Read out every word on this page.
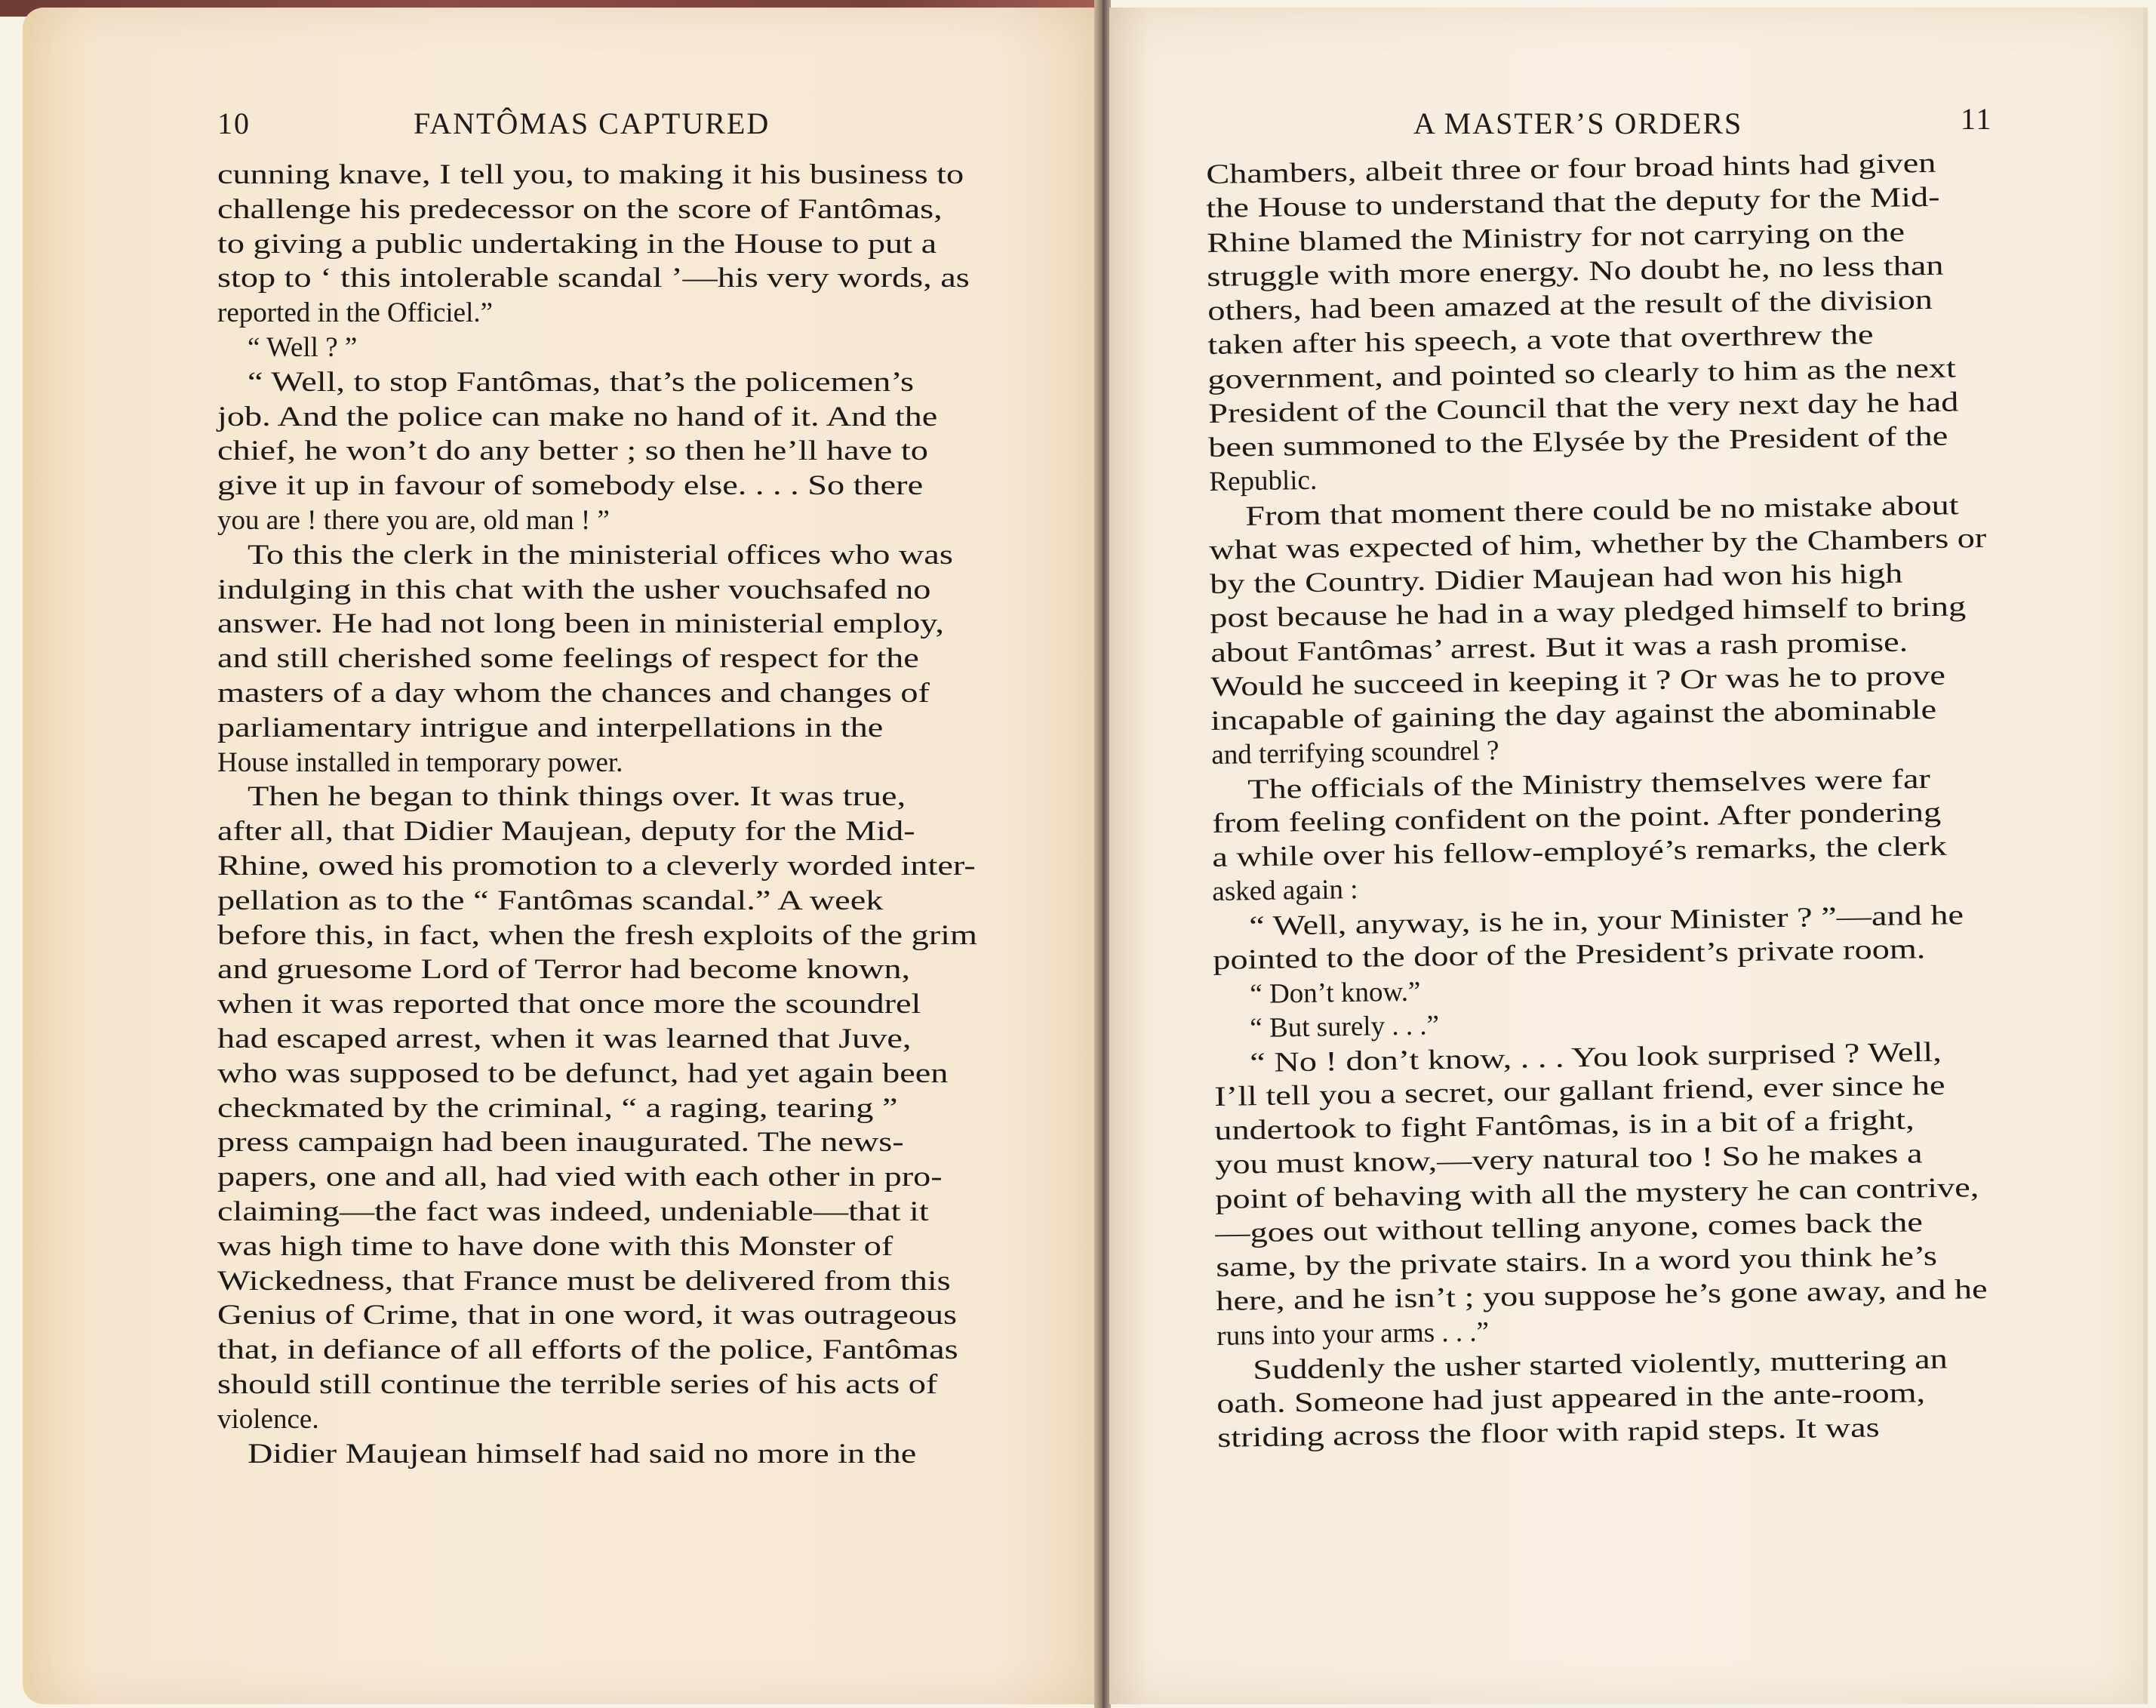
10	FANTÔMAS CAPTURED	A MASTER’S ORDERS	11
cunning knave, I tell you, to making it his business to
challenge his predecessor on the score of Fantômas,
to giving a public undertaking in the House to put a
stop to ‘ this intolerable scandal ’—his very words, as
reported in the Officiel.”
“ Well ? ”
“ Well, to stop Fantômas, that’s the policemen’s
job. And the police can make no hand of it. And the
chief, he won’t do any better ; so then he’ll have to
give it up in favour of somebody else. . . . So there
you are ! there you are, old man ! ”
To this the clerk in the ministerial offices who was
indulging in this chat with the usher vouchsafed no
answer. He had not long been in ministerial employ,
and still cherished some feelings of respect for the
masters of a day whom the chances and changes of
parliamentary intrigue and interpellations in the
House installed in temporary power.
Then he began to think things over. It was true,
after all, that Didier Maujean, deputy for the Mid-
Rhine, owed his promotion to a cleverly worded inter-
pellation as to the “ Fantômas scandal.” A week
before this, in fact, when the fresh exploits of the grim
and gruesome Lord of Terror had become known,
when it was reported that once more the scoundrel
had escaped arrest, when it was learned that Juve,
who was supposed to be defunct, had yet again been
checkmated by the criminal, “ a raging, tearing ”
press campaign had been inaugurated. The news-
papers, one and all, had vied with each other in pro-
claiming—the fact was indeed, undeniable—that it
was high time to have done with this Monster of
Wickedness, that France must be delivered from this
Genius of Crime, that in one word, it was outrageous
that, in defiance of all efforts of the police, Fantômas
should still continue the terrible series of his acts of
violence.
Didier Maujean himself had said no more in the
Chambers, albeit three or four broad hints had given
the House to understand that the deputy for the Mid-
Rhine blamed the Ministry for not carrying on the
struggle with more energy. No doubt he, no less than
others, had been amazed at the result of the division
taken after his speech, a vote that overthrew the
government, and pointed so clearly to him as the next
President of the Council that the very next day he had
been summoned to the Elysée by the President of the
Republic.
From that moment there could be no mistake about
what was expected of him, whether by the Chambers or
by the Country. Didier Maujean had won his high
post because he had in a way pledged himself to bring
about Fantômas’ arrest. But it was a rash promise.
Would he succeed in keeping it ? Or was he to prove
incapable of gaining the day against the abominable
and terrifying scoundrel ?
The officials of the Ministry themselves were far
from feeling confident on the point. After pondering
a while over his fellow-employé’s remarks, the clerk
asked again :
“ Well, anyway, is he in, your Minister ? ”—and he
pointed to the door of the President’s private room.
“ Don’t know.”
“ But surely . . .”
“ No ! don’t know, . . . You look surprised ? Well,
I’ll tell you a secret, our gallant friend, ever since he
undertook to fight Fantômas, is in a bit of a fright,
you must know,—very natural too ! So he makes a
point of behaving with all the mystery he can contrive,
—goes out without telling anyone, comes back the
same, by the private stairs. In a word you think he’s
here, and he isn’t ; you suppose he’s gone away, and he
runs into your arms . . .”
Suddenly the usher started violently, muttering an
oath. Someone had just appeared in the ante-room,
striding across the floor with rapid steps. It was
